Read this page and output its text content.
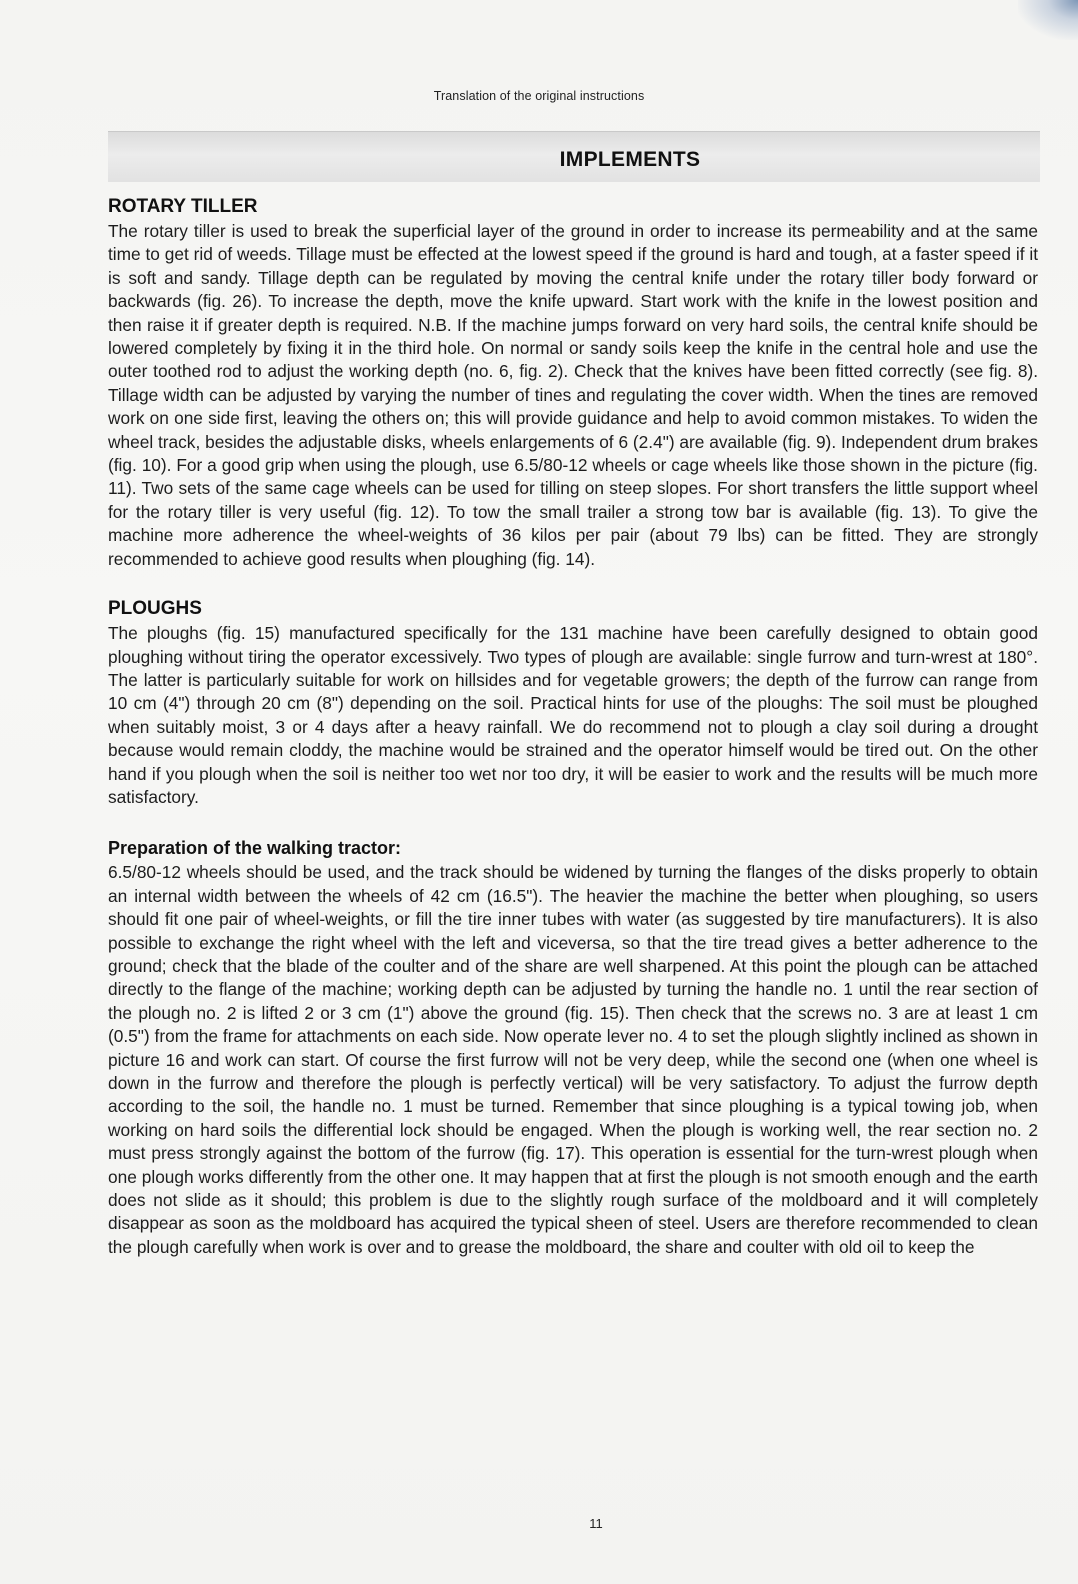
Translation of the original instructions
IMPLEMENTS
ROTARY TILLER

The rotary tiller is used to break the superficial layer of the ground in order to increase its permeability and at the same time to get rid of weeds. Tillage must be effected at the lowest speed if the ground is hard and tough, at a faster speed if it is soft and sandy. Tillage depth can be regulated by moving the central knife under the rotary tiller body forward or backwards (fig. 26). To increase the depth, move the knife upward. Start work with the knife in the lowest position and then raise it if greater depth is required. N.B. If the machine jumps forward on very hard soils, the central knife should be lowered completely by fixing it in the third hole. On normal or sandy soils keep the knife in the central hole and use the outer toothed rod to adjust the working depth (no. 6, fig. 2). Check that the knives have been fitted correctly (see fig. 8). Tillage width can be adjusted by varying the number of tines and regulating the cover width. When the tines are removed work on one side first, leaving the others on; this will provide guidance and help to avoid common mistakes. To widen the wheel track, besides the adjustable disks, wheels enlargements of 6 (2.4") are available (fig. 9). Independent drum brakes (fig. 10). For a good grip when using the plough, use 6.5/80-12 wheels or cage wheels like those shown in the picture (fig. 11). Two sets of the same cage wheels can be used for tilling on steep slopes. For short transfers the little support wheel for the rotary tiller is very useful (fig. 12). To tow the small trailer a strong tow bar is available (fig. 13). To give the machine more adherence the wheel-weights of 36 kilos per pair (about 79 lbs) can be fitted. They are strongly recommended to achieve good results when ploughing (fig. 14).

PLOUGHS

The ploughs (fig. 15) manufactured specifically for the 131 machine have been carefully designed to obtain good ploughing without tiring the operator excessively. Two types of plough are available: single furrow and turn-wrest at 180°. The latter is particularly suitable for work on hillsides and for vegetable growers; the depth of the furrow can range from 10 cm (4") through 20 cm (8") depending on the soil. Practical hints for use of the ploughs: The soil must be ploughed when suitably moist, 3 or 4 days after a heavy rainfall. We do recommend not to plough a clay soil during a drought because would remain cloddy, the machine would be strained and the operator himself would be tired out. On the other hand if you plough when the soil is neither too wet nor too dry, it will be easier to work and the results will be much more satisfactory.

Preparation of the walking tractor:

6.5/80-12 wheels should be used, and the track should be widened by turning the flanges of the disks properly to obtain an internal width between the wheels of 42 cm (16.5"). The heavier the machine the better when ploughing, so users should fit one pair of wheel-weights, or fill the tire inner tubes with water (as suggested by tire manufacturers). It is also possible to exchange the right wheel with the left and viceversa, so that the tire tread gives a better adherence to the ground; check that the blade of the coulter and of the share are well sharpened. At this point the plough can be attached directly to the flange of the machine; working depth can be adjusted by turning the handle no. 1 until the rear section of the plough no. 2 is lifted 2 or 3 cm (1") above the ground (fig. 15). Then check that the screws no. 3 are at least 1 cm (0.5") from the frame for attachments on each side. Now operate lever no. 4 to set the plough slightly inclined as shown in picture 16 and work can start. Of course the first furrow will not be very deep, while the second one (when one wheel is down in the furrow and therefore the plough is perfectly vertical) will be very satisfactory. To adjust the furrow depth according to the soil, the handle no. 1 must be turned. Remember that since ploughing is a typical towing job, when working on hard soils the differential lock should be engaged. When the plough is working well, the rear section no. 2 must press strongly against the bottom of the furrow (fig. 17). This operation is essential for the turn-wrest plough when one plough works differently from the other one. It may happen that at first the plough is not smooth enough and the earth does not slide as it should; this problem is due to the slightly rough surface of the moldboard and it will completely disappear as soon as the moldboard has acquired the typical sheen of steel. Users are therefore recommended to clean the plough carefully when work is over and to grease the moldboard, the share and coulter with old oil to keep the

11
